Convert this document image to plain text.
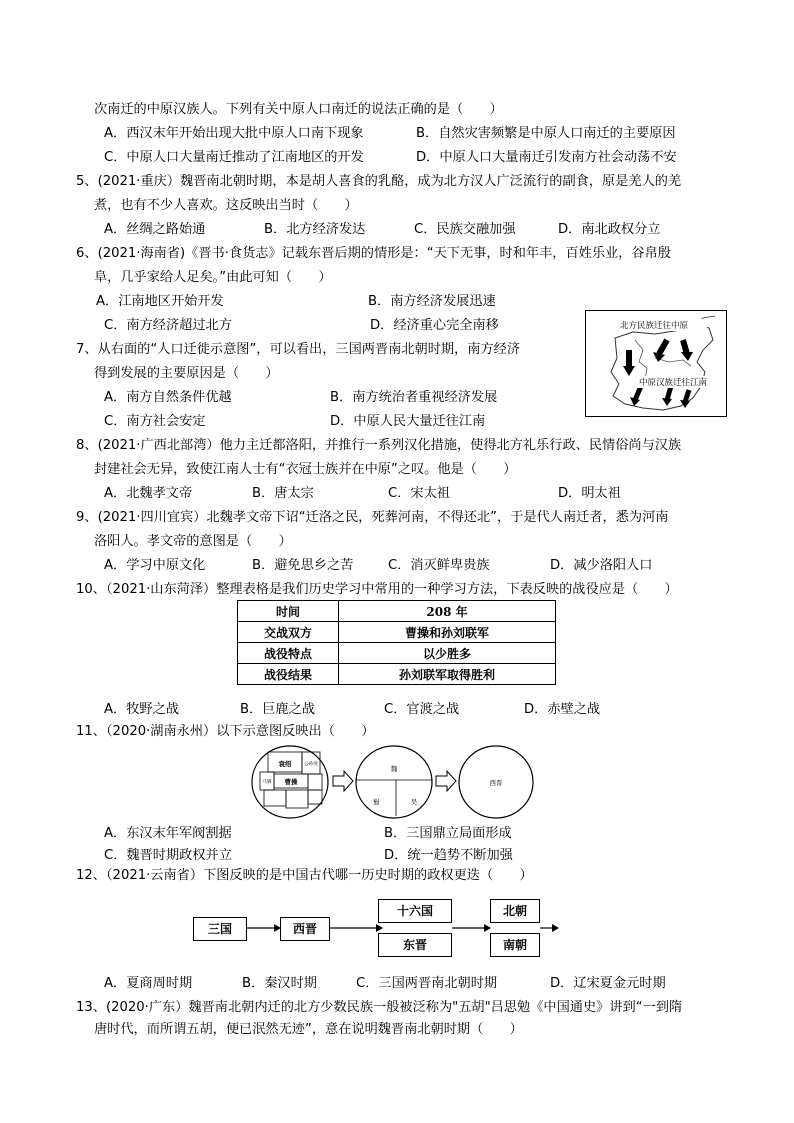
次南迁的中原汉族人。下列有关中原人口南迁的说法正确的是（　　）
A．西汉末年开始出现大批中原人口南下现象	B．自然灾害频繁是中原人口南迁的主要原因
C．中原人口大量南迁推动了江南地区的开发	D．中原人口大量南迁引发南方社会动荡不安
5、(2021·重庆）魏晋南北朝时期，本是胡人喜食的乳酪，成为北方汉人广泛流行的副食，原是羌人的羌
煮，也有不少人喜欢。这反映出当时（　　）
A．丝绸之路始通	B．北方经济发达	C．民族交融加强	D．南北政权分立
6、(2021·海南省)《晋书·食货志》记载东晋后期的情形是：“天下无事，时和年丰，百姓乐业，谷帛殷
阜，几乎家给人足矣。”由此可知（　　）
A．江南地区开始开发	B．南方经济发展迅速
C．南方经济超过北方	D．经济重心完全南移	北方民族迁往中原
中原汉族迁往江南
7、从右面的“人口迁徙示意图”，可以看出，三国两晋南北朝时期，南方经济
得到发展的主要原因是（　　）
A．南方自然条件优越	B．南方统治者重视经济发展
C．南方社会安定	D．中原人民大量迁往江南
8、(2021·广西北部湾）他力主迁都洛阳，并推行一系列汉化措施，使得北方礼乐行政、民情俗尚与汉族
封建社会无异，致使江南人士有“衣冠士族并在中原”之叹。他是（　　）
A．北魏孝文帝	B．唐太宗	C．宋太祖	D．明太祖
9、(2021·四川宜宾）北魏孝文帝下诏“迁洛之民，死葬河南，不得还北”，于是代人南迁者，悉为河南
洛阳人。孝文帝的意图是（　　）
A．学习中原文化	B．避免思乡之苦	C．消灭鲜卑贵族	D．减少洛阳人口
10、（2021·山东菏泽）整理表格是我们历史学习中常用的一种学习方法，下表反映的战役应是（　　）
时间	208 年
交战双方	曹操和孙刘联军
战役特点	以少胜多
战役结果	孙刘联军取得胜利
A．牧野之战	B．巨鹿之战	C．官渡之战	D．赤壁之战
11、（2020·湖南永州）以下示意图反映出（　　）
袁绍
曹操
公孙度
马腾
魏
蜀	吴
西晋
A．东汉末年军阀割据	B．三国鼎立局面形成
C．魏晋时期政权并立	D．统一趋势不断加强
12、（2021·云南省）下图反映的是中国古代哪一历史时期的政权更迭（　　）
三国	西晋
十六国
东晋
北朝
南朝
A．夏商周时期	B．秦汉时期	C．三国两晋南北朝时期	D．辽宋夏金元时期
13、(2020·广东）魏晋南北朝内迁的北方少数民族一般被泛称为"五胡"吕思勉《中国通史》讲到“一到隋
唐时代，而所谓五胡，便已泯然无迹”，意在说明魏晋南北朝时期（　　）
